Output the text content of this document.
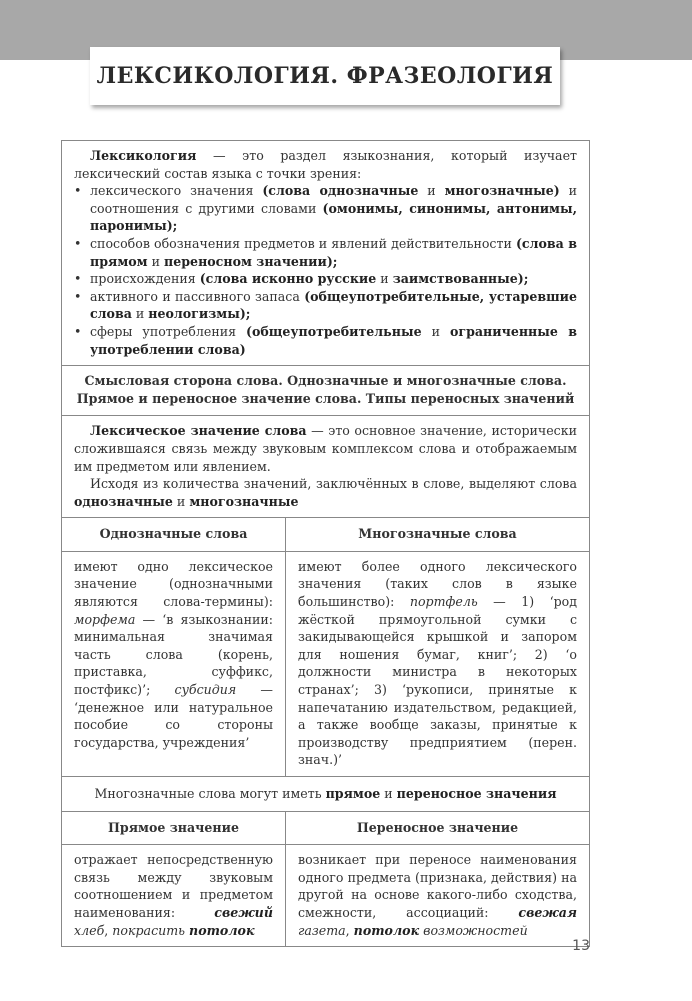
ЛЕКСИКОЛОГИЯ. ФРАЗЕОЛОГИЯ
Лексикология — это раздел языкознания, который изучает лексический состав языка с точки зрения:
• лексического значения (слова однозначные и многозначные) и соотношения с другими словами (омонимы, синонимы, антонимы, паронимы);
• способов обозначения предметов и явлений действительности (слова в прямом и переносном значении);
• происхождения (слова исконно русские и заимствованные);
• активного и пассивного запаса (общеупотребительные, устаревшие слова и неологизмы);
• сферы употребления (общеупотребительные и ограниченные в употреблении слова)
Смысловая сторона слова. Однозначные и многозначные слова.
Прямое и переносное значение слова. Типы переносных значений
Лексическое значение слова — это основное значение, исторически сложившаяся связь между звуковым комплексом слова и отображаемым им предметом или явлением.
Исходя из количества значений, заключённых в слове, выделяют слова однозначные и многозначные
Однозначные слова	Многозначные слова
имеют одно лексическое значение (однозначными являются слова-термины): морфема — ‘в языкознании: минимальная значимая часть слова (корень, приставка, суффикс, постфикс)’; субсидия — ‘денежное или натуральное пособие со стороны государства, учреждения’
имеют более одного лексического значения (таких слов в языке большинство): портфель — 1) ‘род жёсткой прямоугольной сумки с закидывающейся крышкой и запором для ношения бумаг, книг’; 2) ‘о должности министра в некоторых странах’; 3) ‘рукописи, принятые к напечатанию издательством, редакцией, а также вообще заказы, принятые к производству предприятием (перен. знач.)’
Многозначные слова могут иметь прямое и переносное значения
Прямое значение	Переносное значение
отражает непосредственную связь между звуковым соотношением и предметом наименования: свежий хлеб, покрасить потолок
возникает при переносе наименования одного предмета (признака, действия) на другой на основе какого-либо сходства, смежности, ассоциаций: свежая газета, потолок возможностей
13
